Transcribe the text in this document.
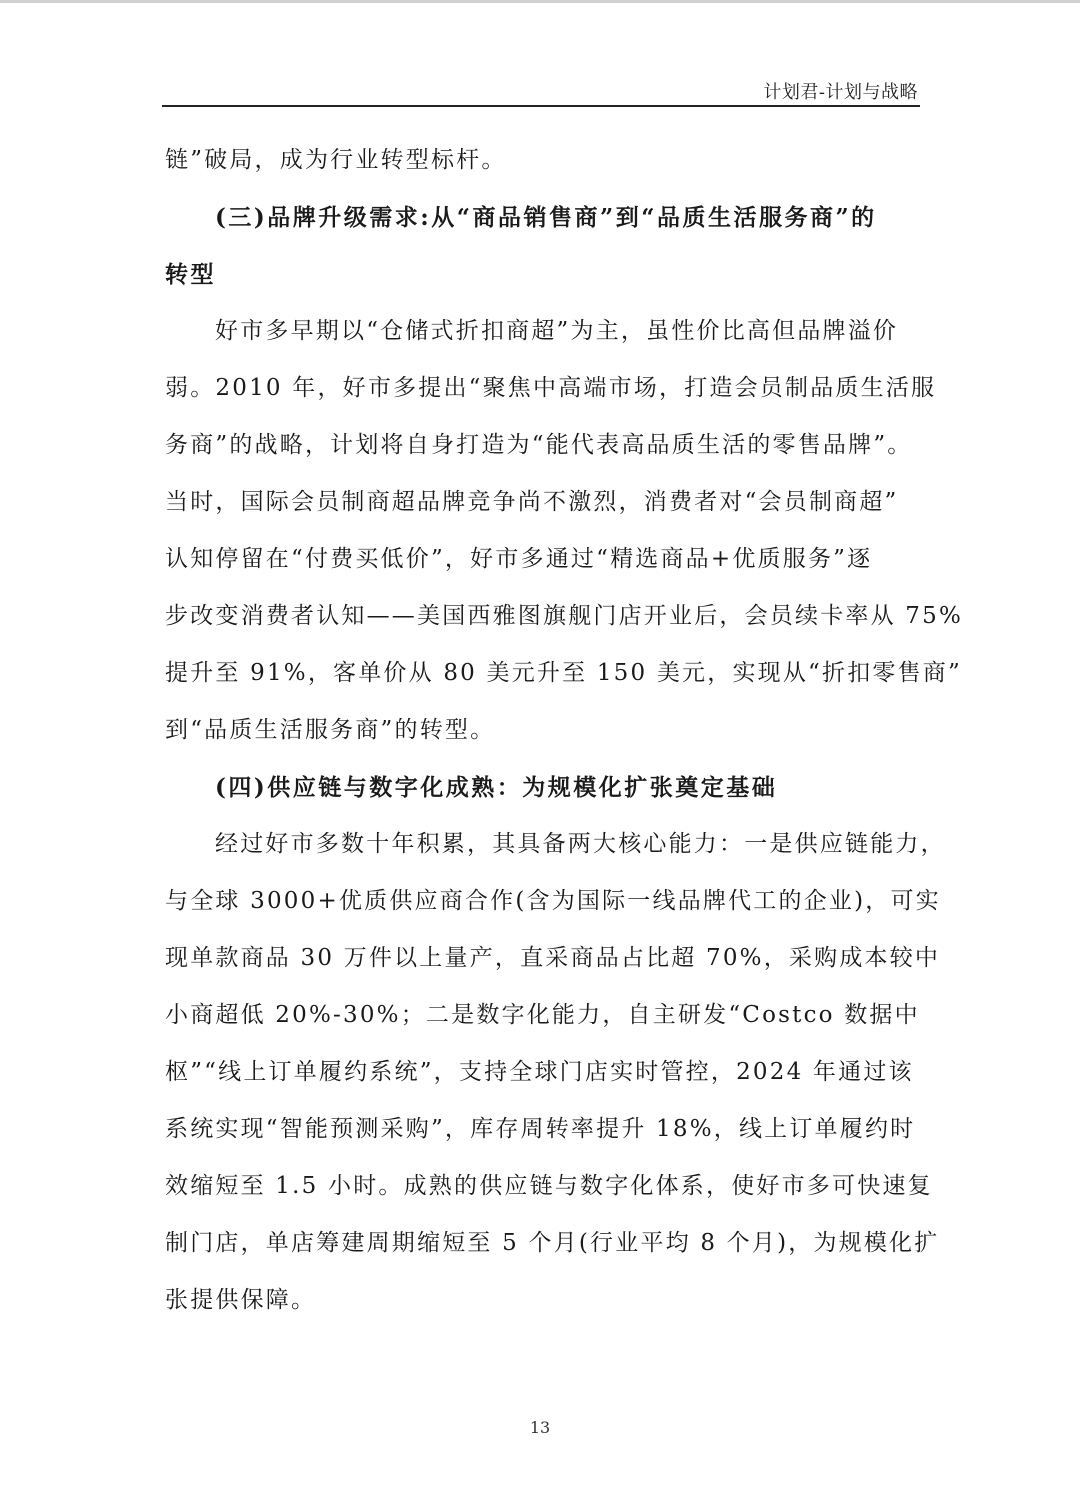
计划君-计划与战略
链”破局，成为行业转型标杆。
(三)品牌升级需求:从“商品销售商”到“品质生活服务商”的
转型
好市多早期以“仓储式折扣商超”为主，虽性价比高但品牌溢价
弱。2010 年，好市多提出“聚焦中高端市场，打造会员制品质生活服
务商”的战略，计划将自身打造为“能代表高品质生活的零售品牌”。
当时，国际会员制商超品牌竞争尚不激烈，消费者对“会员制商超”
认知停留在“付费买低价”，好市多通过“精选商品+优质服务”逐
步改变消费者认知——美国西雅图旗舰门店开业后，会员续卡率从 75%
提升至 91%，客单价从 80 美元升至 150 美元，实现从“折扣零售商”
到“品质生活服务商”的转型。
(四)供应链与数字化成熟：为规模化扩张奠定基础
经过好市多数十年积累，其具备两大核心能力：一是供应链能力，
与全球 3000+优质供应商合作(含为国际一线品牌代工的企业)，可实
现单款商品 30 万件以上量产，直采商品占比超 70%，采购成本较中
小商超低 20%-30%；二是数字化能力，自主研发“Costco 数据中
枢”“线上订单履约系统”，支持全球门店实时管控，2024 年通过该
系统实现“智能预测采购”，库存周转率提升 18%，线上订单履约时
效缩短至 1.5 小时。成熟的供应链与数字化体系，使好市多可快速复
制门店，单店筹建周期缩短至 5 个月(行业平均 8 个月)，为规模化扩
张提供保障。
13
